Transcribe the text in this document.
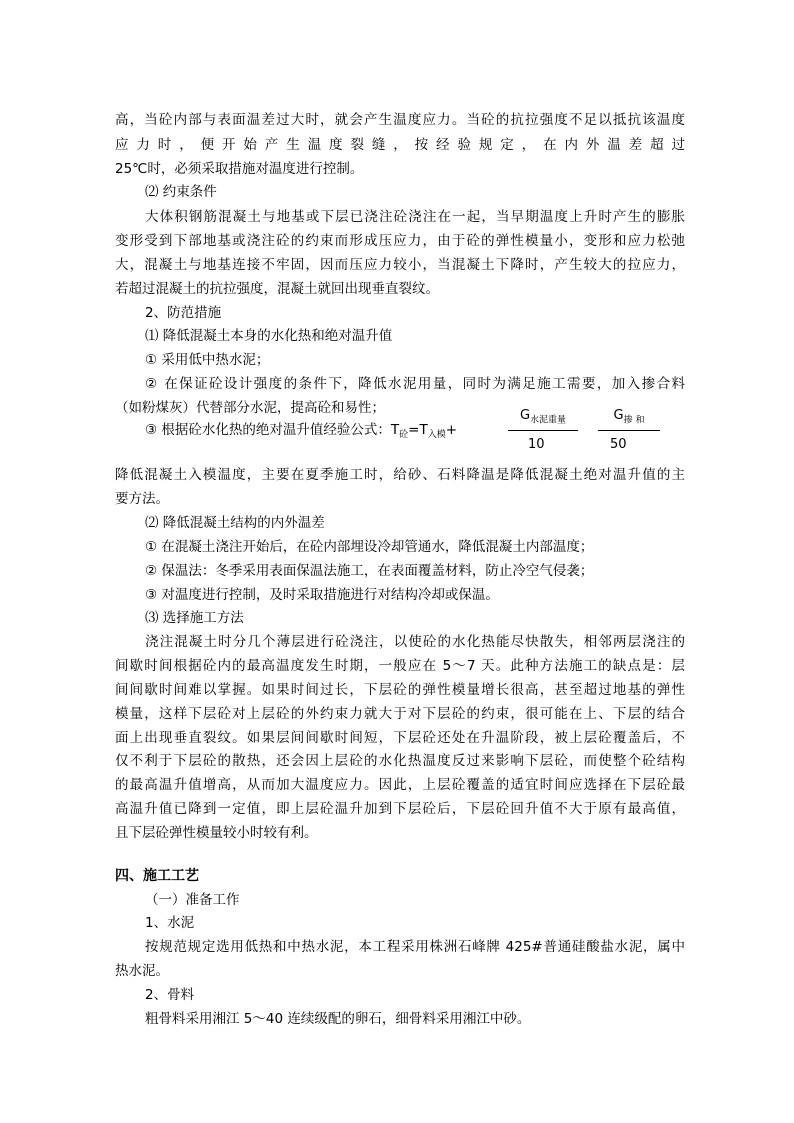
高，当砼内部与表面温差过大时，就会产生温度应力。当砼的抗拉强度不足以抵抗该温度
应力时，便开始产生温度裂缝，按经验规定，在内外温差超过
25℃时，必须采取措施对温度进行控制。
⑵ 约束条件
大体积钢筋混凝土与地基或下层已浇注砼浇注在一起，当早期温度上升时产生的膨胀
变形受到下部地基或浇注砼的约束而形成压应力，由于砼的弹性模量小，变形和应力松弛
大，混凝土与地基连接不牢固，因而压应力较小，当混凝土下降时，产生较大的拉应力，
若超过混凝土的抗拉强度，混凝土就回出现垂直裂纹。
2、防范措施
⑴ 降低混凝土本身的水化热和绝对温升值
① 采用低中热水泥；
② 在保证砼设计强度的条件下，降低水泥用量，同时为满足施工需要，加入掺合料
（如粉煤灰）代替部分水泥，提高砼和易性；
③ 根据砼水化热的绝对温升值经验公式：$T_砼=T_{入模}+$
$G_{水泥重量}$
10
$G_{掺 和}$
50
降低混凝土入模温度，主要在夏季施工时，给砂、石料降温是降低混凝土绝对温升值的主
要方法。
⑵ 降低混凝土结构的内外温差
① 在混凝土浇注开始后，在砼内部埋设冷却管通水，降低混凝土内部温度；
② 保温法：冬季采用表面保温法施工，在表面覆盖材料，防止冷空气侵袭；
③ 对温度进行控制，及时采取措施进行对结构冷却或保温。
⑶ 选择施工方法
浇注混凝土时分几个薄层进行砼浇注，以使砼的水化热能尽快散失，相邻两层浇注的
间歇时间根据砼内的最高温度发生时期，一般应在 5～7 天。此种方法施工的缺点是：层
间间歇时间难以掌握。如果时间过长，下层砼的弹性模量增长很高，甚至超过地基的弹性
模量，这样下层砼对上层砼的外约束力就大于对下层砼的约束，很可能在上、下层的结合
面上出现垂直裂纹。如果层间间歇时间短，下层砼还处在升温阶段，被上层砼覆盖后，不
仅不利于下层砼的散热，还会因上层砼的水化热温度反过来影响下层砼，而使整个砼结构
的最高温升值增高，从而加大温度应力。因此，上层砼覆盖的适宜时间应选择在下层砼最
高温升值已降到一定值，即上层砼温升加到下层砼后，下层砼回升值不大于原有最高值，
且下层砼弹性模量较小时较有利。
四、施工工艺
（一）准备工作
1、水泥
按规范规定选用低热和中热水泥，本工程采用株洲石峰牌 425#普通硅酸盐水泥，属中
热水泥。
2、骨料
粗骨料采用湘江 5～40 连续级配的卵石，细骨料采用湘江中砂。
